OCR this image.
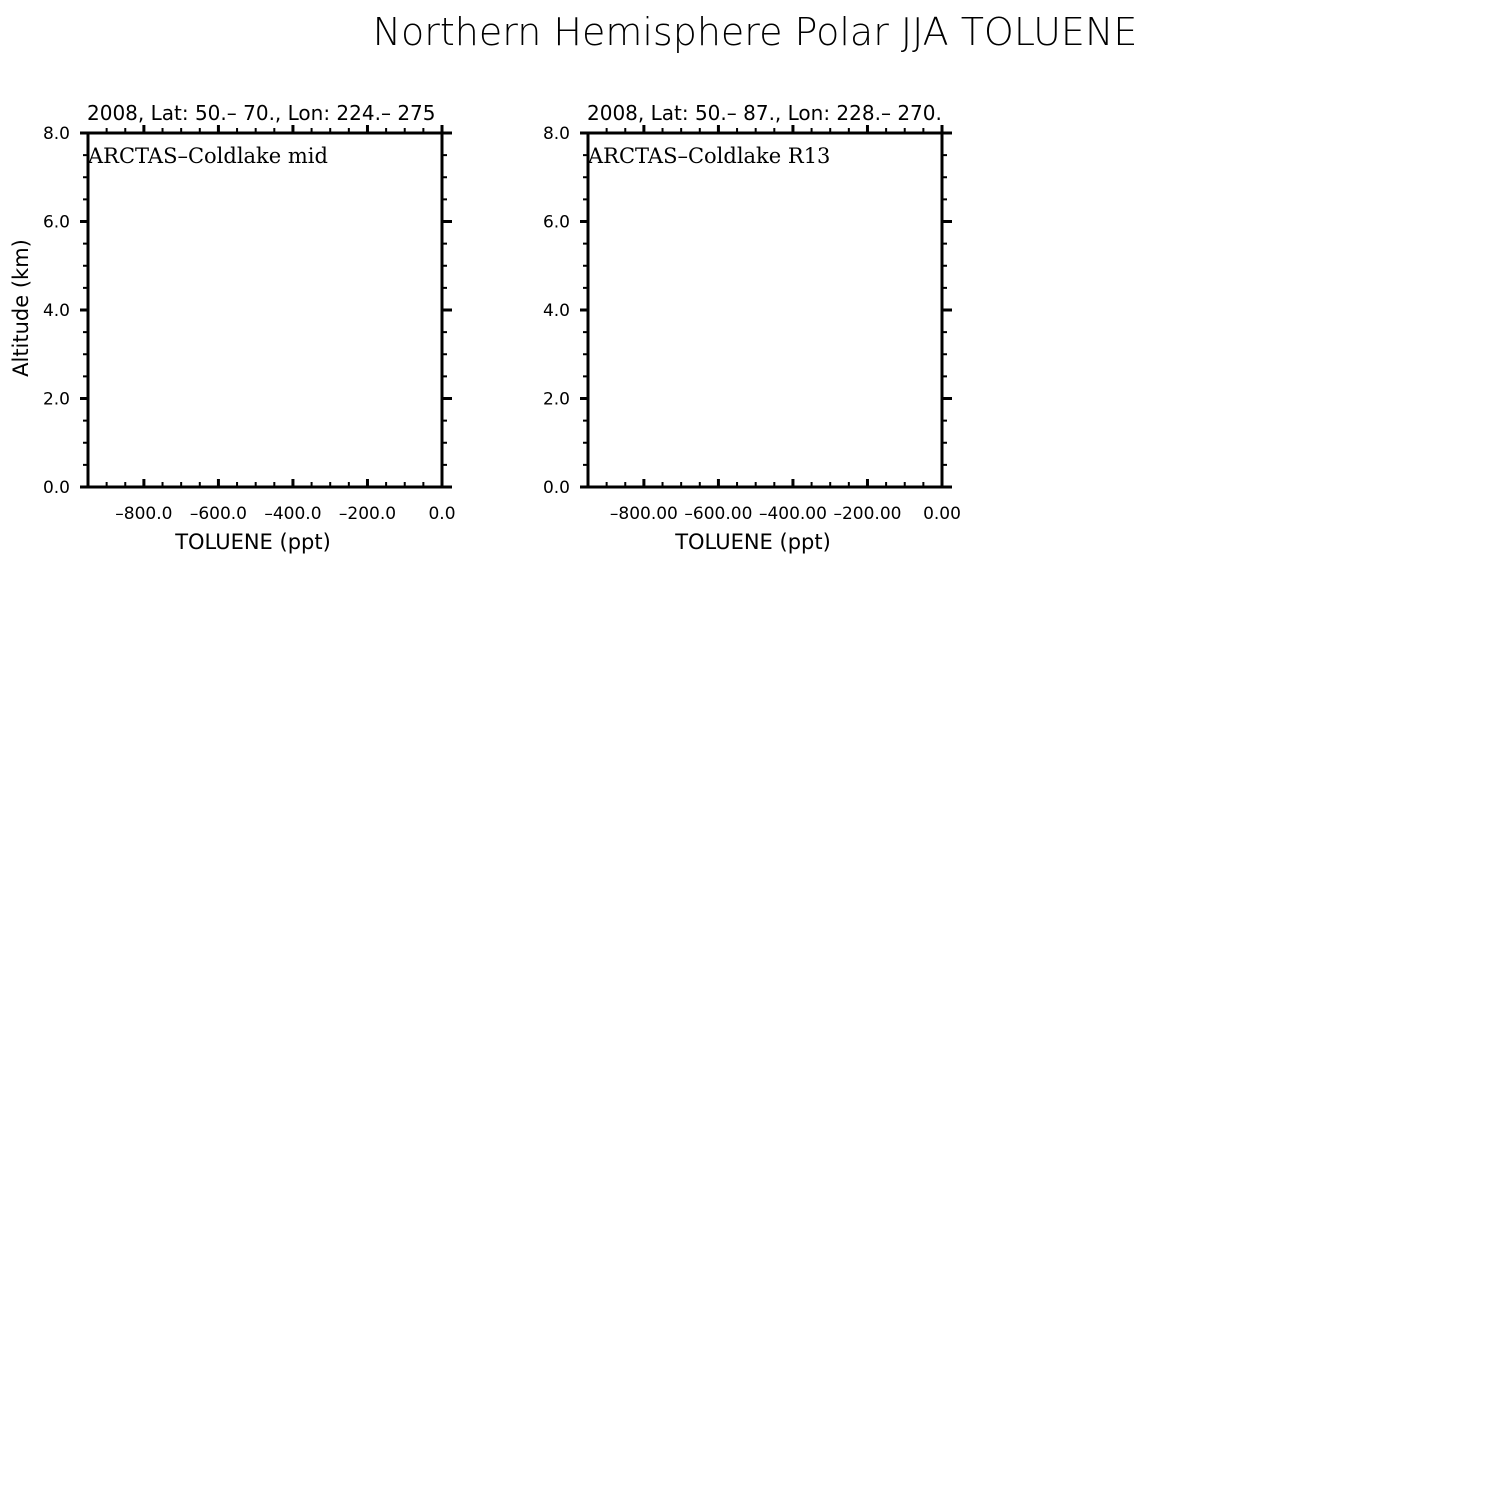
Northern Hemisphere Polar JJA TOLUENE
0.0
2.0
4.0
6.0
8.0
–800.0 –600.0 –400.0 –200.0 0.0
2008, Lat: 50.– 70., Lon: 224.– 275
ARCTAS–Coldlake mid
TOLUENE (ppt)
Altitude (km)
0.0
2.0
4.0
6.0
8.0
–800.00 –600.00 –400.00 –200.00 0.00
2008, Lat: 50.– 87., Lon: 228.– 270.
ARCTAS–Coldlake R13
TOLUENE (ppt)
